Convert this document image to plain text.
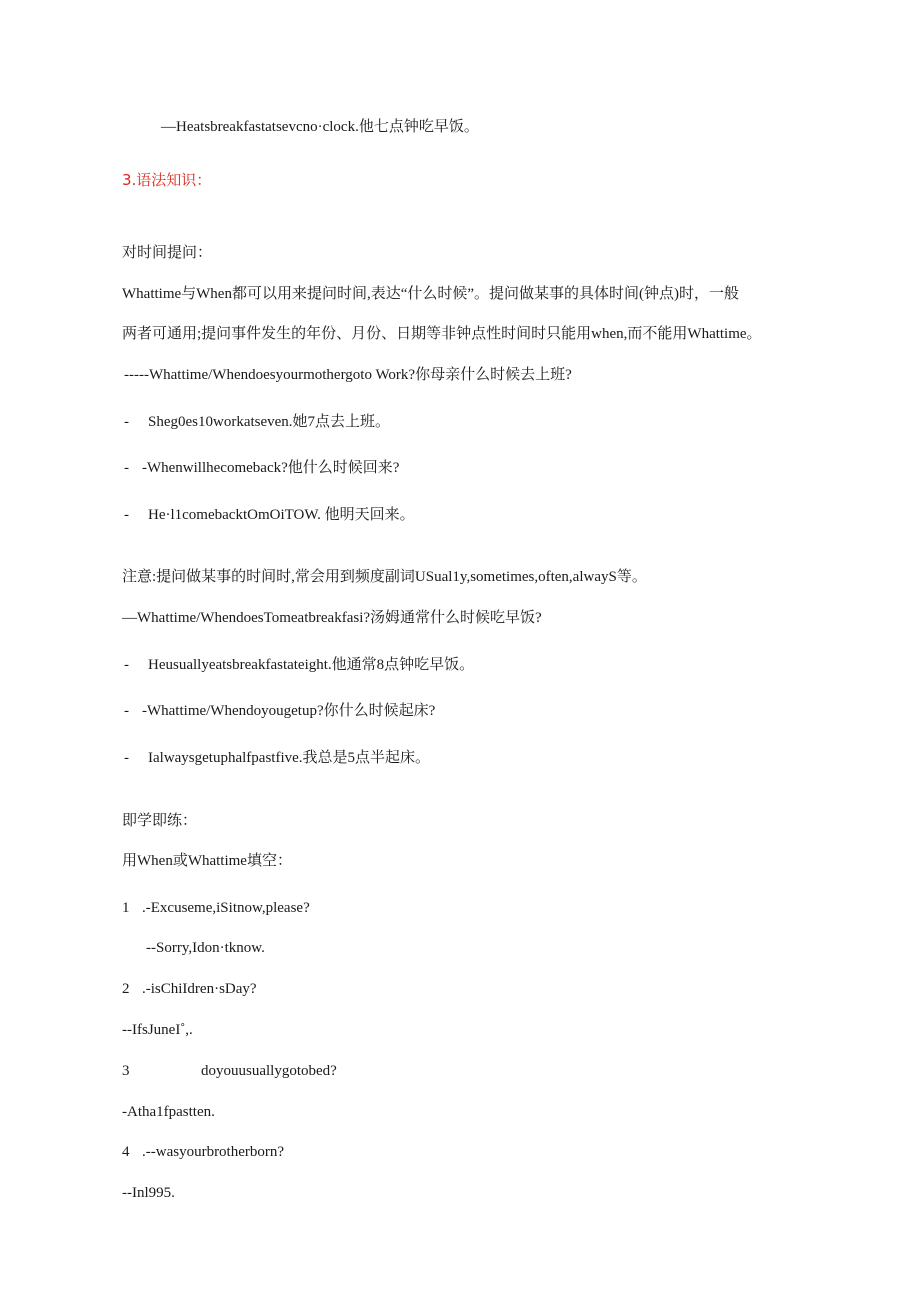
—Heatsbreakfastatsevcno·clock.他七点钟吃早饭。
3.语法知识：
对时间提问：
Whattime与When都可以用来提问时间,表达“什么时候”。提问做某事的具体时间(钟点)时，一般
两者可通用;提问事件发生的年份、月份、日期等非钟点性时间时只能用when,而不能用Whattime。
-----Whattime/Whendoesyourmothergoto Work?你母亲什么时候去上班?
- Sheg0es10workatseven.她7点去上班。
- -Whenwillhecomeback?他什么时候回来?
- He·l1comebacktOmOiTOW. 他明天回来。
注意:提问做某事的时间时,常会用到频度副词USual1y,sometimes,often,alwayS等。
—Whattime/WhendoesTomeatbreakfasi?汤姆通常什么时候吃早饭?
- Heusuallyeatsbreakfastateight.他通常8点钟吃早饭。
- -Whattime/Whendoyougetup?你什么时候起床?
- Ialwaysgetuphalfpastfive.我总是5点半起床。
即学即练：
用When或Whattime填空：
1 .-Excuseme,iSitnow,please?
--Sorry,Idon·tknow.
2 .-isChiIdren·sDay?
--IfsJuneI˚,.
3	doyouusuallygotobed?
-Atha1fpastten.
4 .--wasyourbrotherborn?
--Inl995.
